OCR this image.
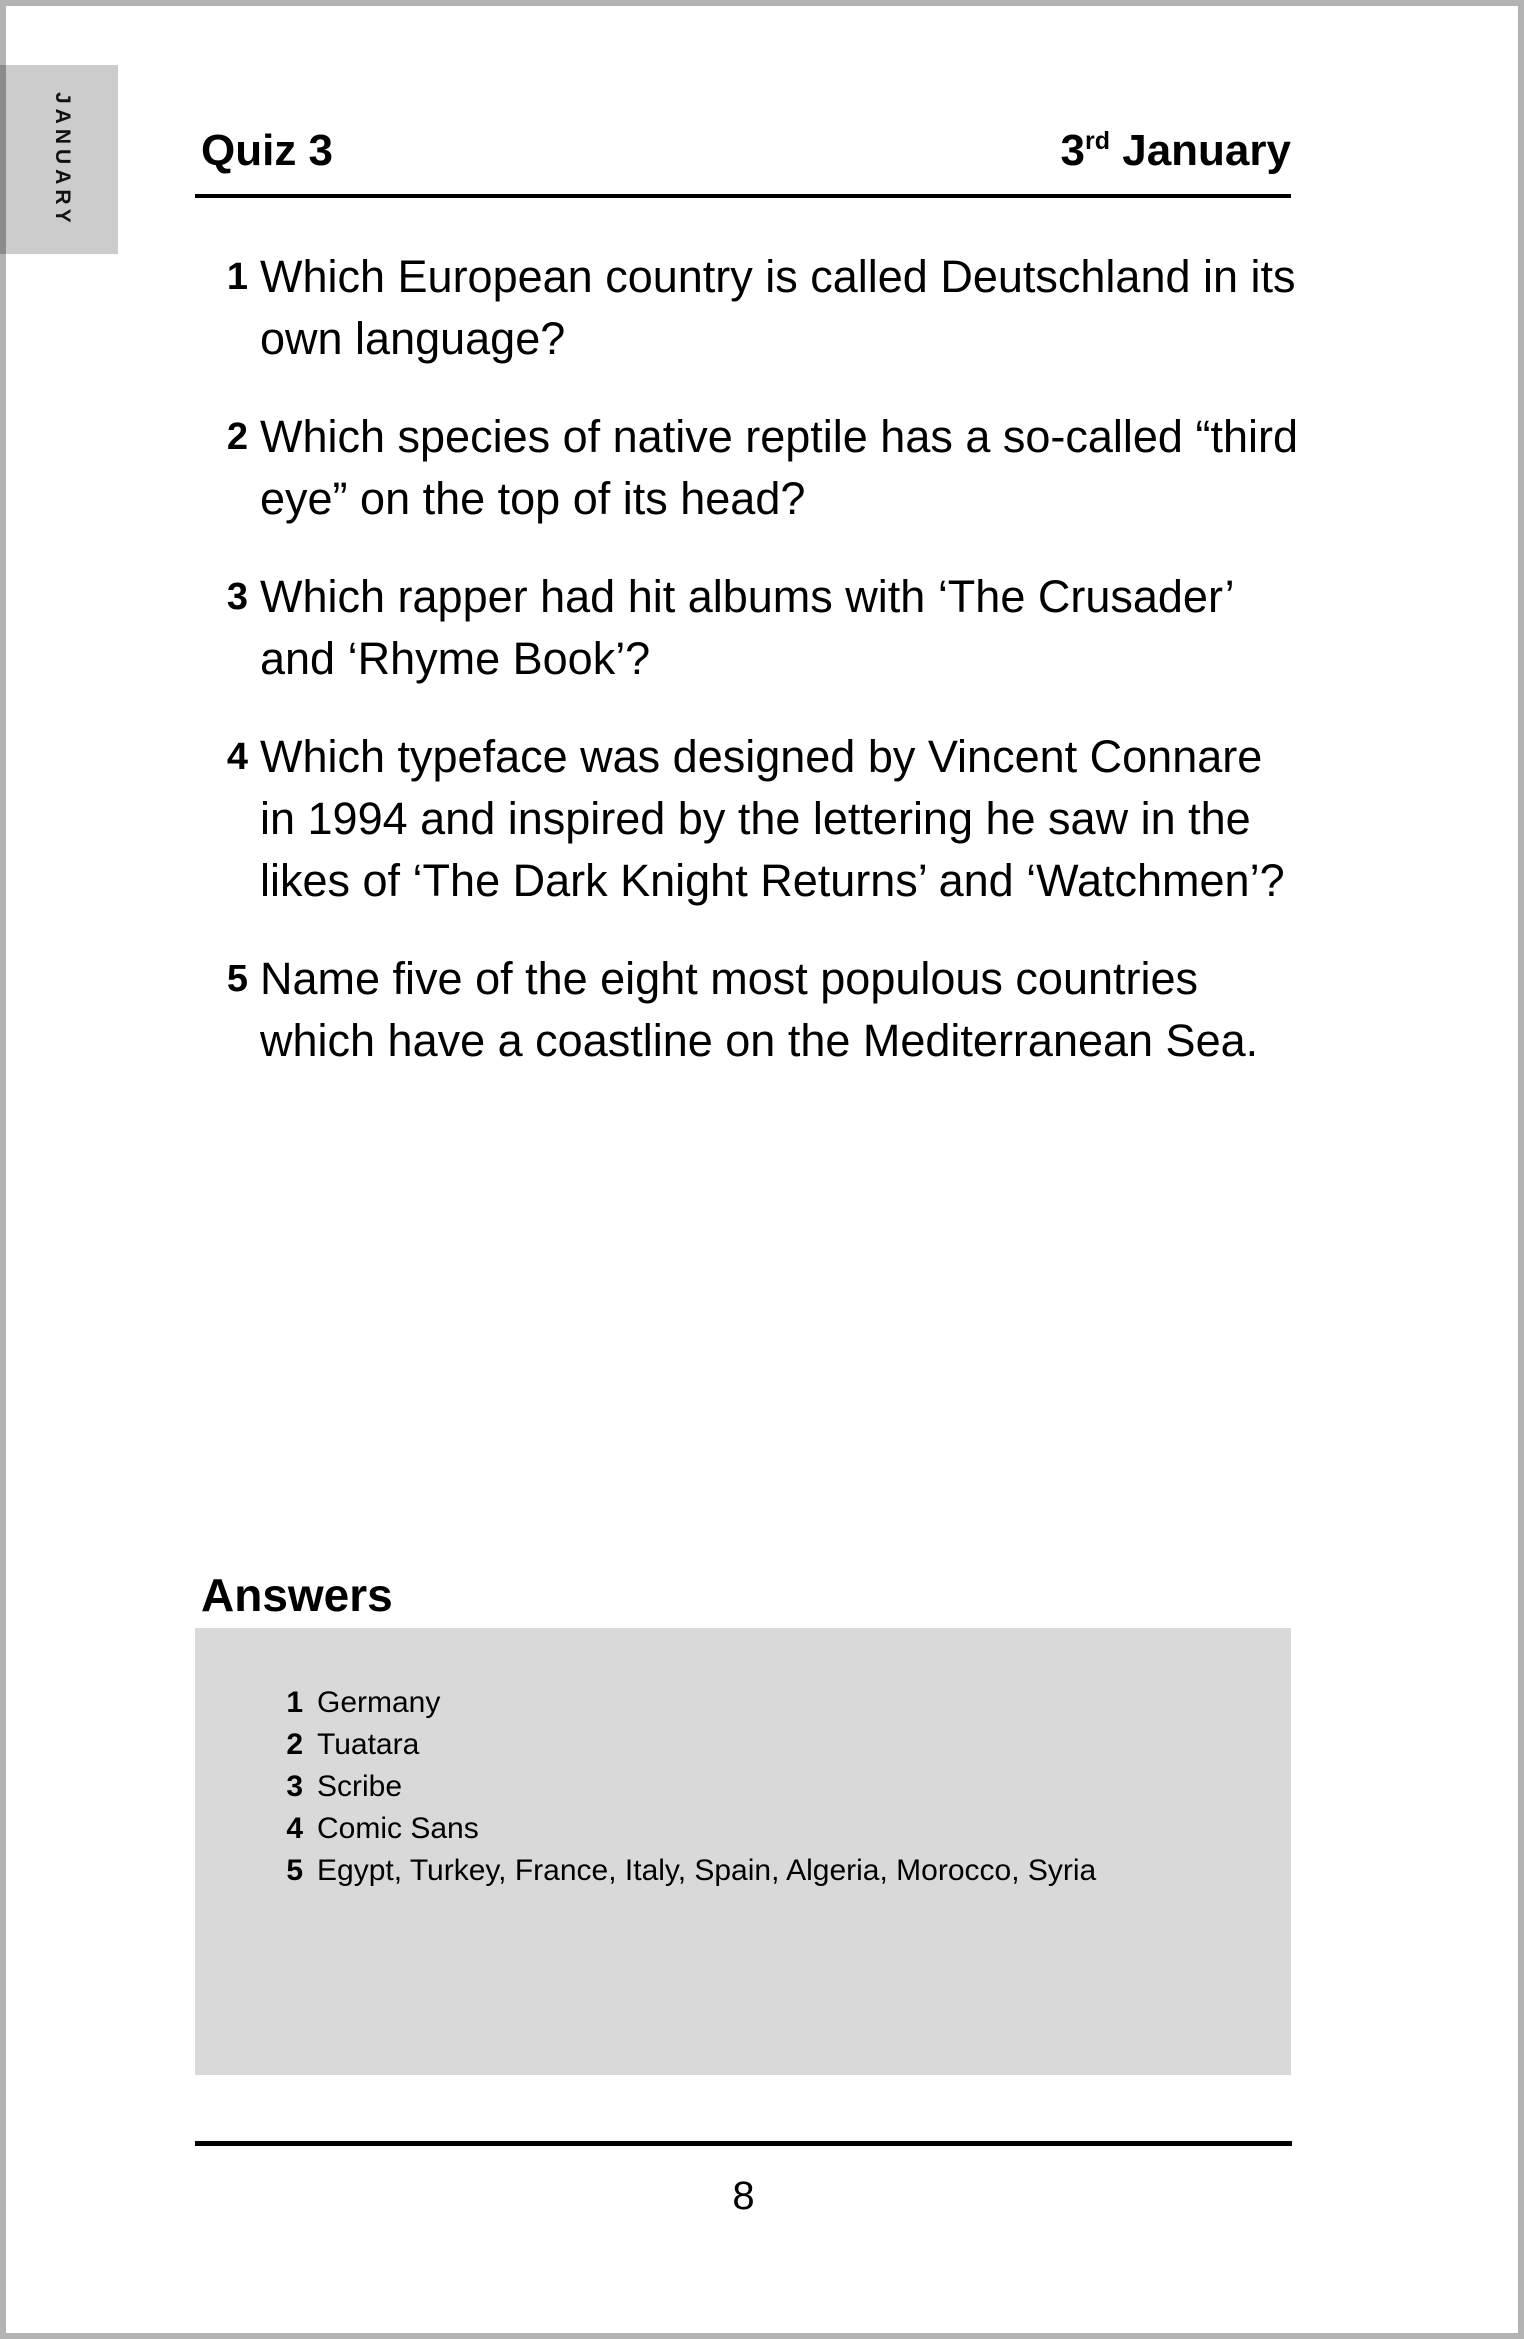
JANUARY	Quiz 3	3rd January
1 Which European country is called Deutschland in its own language?
2 Which species of native reptile has a so-called “third eye” on the top of its head?
3 Which rapper had hit albums with ‘The Crusader’ and ‘Rhyme Book’?
4 Which typeface was designed by Vincent Connare in 1994 and inspired by the lettering he saw in the likes of ‘The Dark Knight Returns’ and ‘Watchmen’?
5 Name five of the eight most populous countries which have a coastline on the Mediterranean Sea.
Answers
1 Germany
2 Tuatara
3 Scribe
4 Comic Sans
5 Egypt, Turkey, France, Italy, Spain, Algeria, Morocco, Syria
8
